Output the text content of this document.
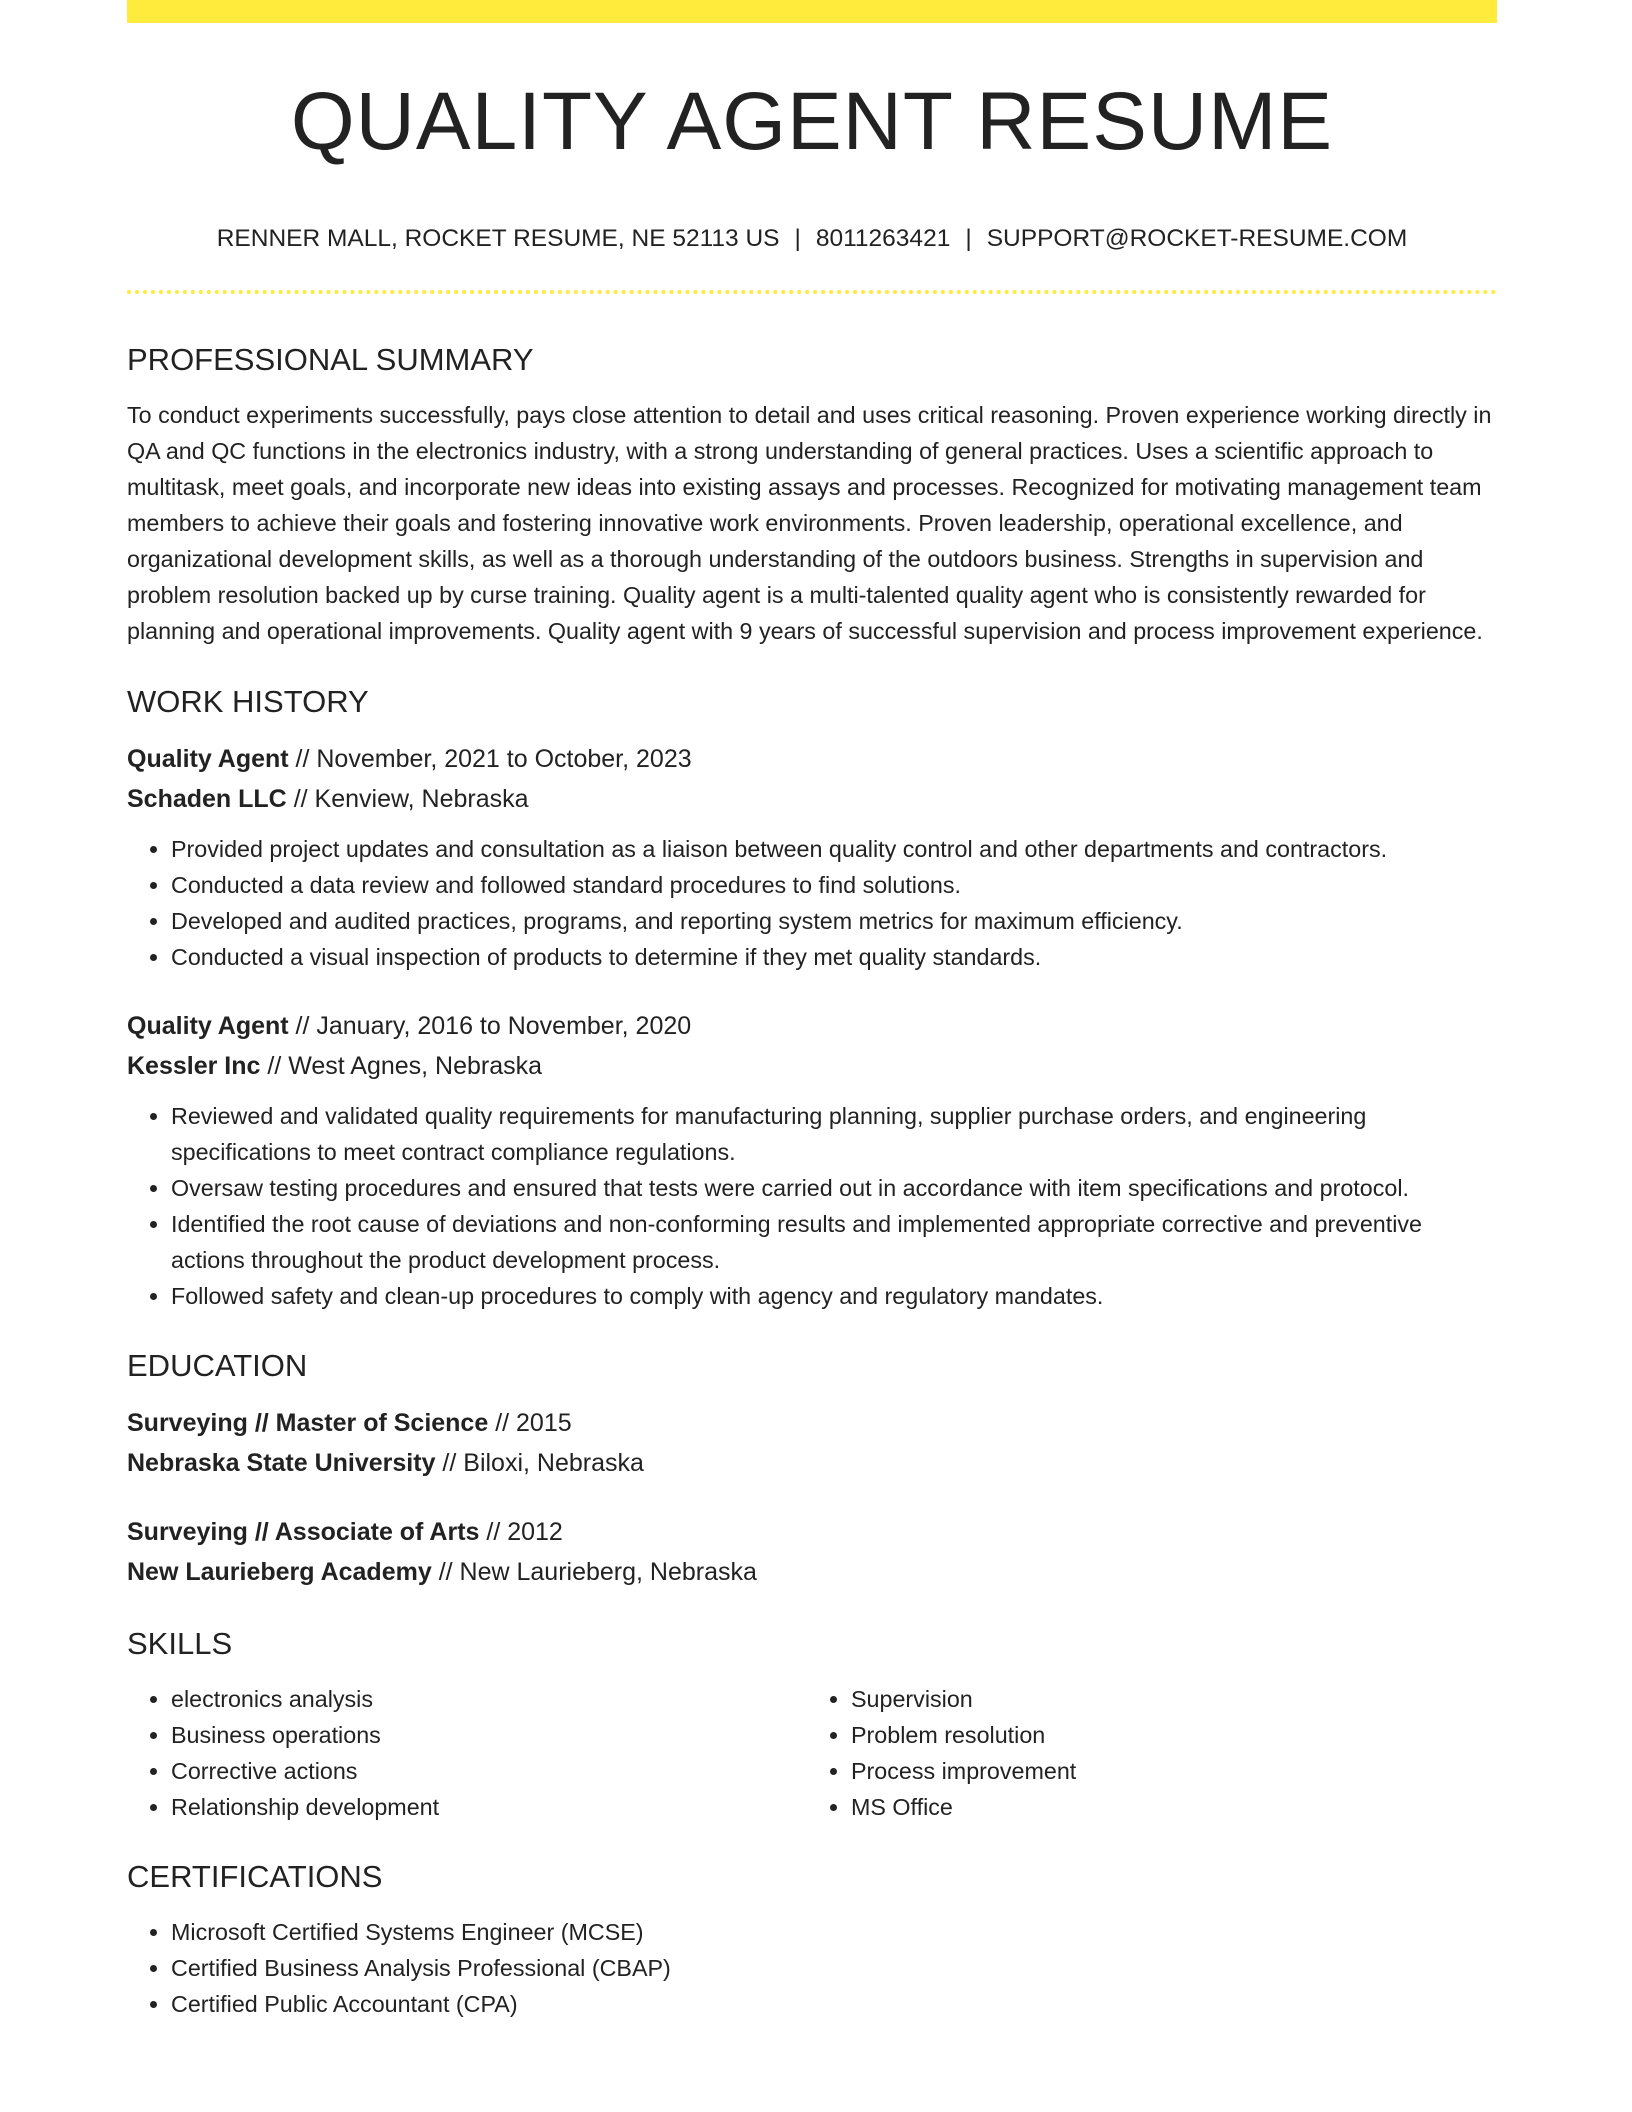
QUALITY AGENT RESUME
RENNER MALL, ROCKET RESUME, NE 52113 US | 8011263421 | SUPPORT@ROCKET-RESUME.COM
PROFESSIONAL SUMMARY

To conduct experiments successfully, pays close attention to detail and uses critical reasoning. Proven experience working directly in QA and QC functions in the electronics industry, with a strong understanding of general practices. Uses a scientific approach to multitask, meet goals, and incorporate new ideas into existing assays and processes. Recognized for motivating management team members to achieve their goals and fostering innovative work environments. Proven leadership, operational excellence, and organizational development skills, as well as a thorough understanding of the outdoors business. Strengths in supervision and problem resolution backed up by curse training. Quality agent is a multi-talented quality agent who is consistently rewarded for planning and operational improvements. Quality agent with 9 years of successful supervision and process improvement experience.

WORK HISTORY
Quality Agent // November, 2021 to October, 2023
Schaden LLC // Kenview, Nebraska
• Provided project updates and consultation as a liaison between quality control and other departments and contractors.
• Conducted a data review and followed standard procedures to find solutions.
• Developed and audited practices, programs, and reporting system metrics for maximum efficiency.
• Conducted a visual inspection of products to determine if they met quality standards.
Quality Agent // January, 2016 to November, 2020
Kessler Inc // West Agnes, Nebraska
• Reviewed and validated quality requirements for manufacturing planning, supplier purchase orders, and engineering specifications to meet contract compliance regulations.
• Oversaw testing procedures and ensured that tests were carried out in accordance with item specifications and protocol.
• Identified the root cause of deviations and non-conforming results and implemented appropriate corrective and preventive actions throughout the product development process.
• Followed safety and clean-up procedures to comply with agency and regulatory mandates.
EDUCATION
Surveying // Master of Science // 2015
Nebraska State University // Biloxi, Nebraska
Surveying // Associate of Arts // 2012
New Laurieberg Academy // New Laurieberg, Nebraska
SKILLS
• electronics analysis
• Business operations
• Corrective actions
• Relationship development
• Supervision
• Problem resolution
• Process improvement
• MS Office
CERTIFICATIONS
• Microsoft Certified Systems Engineer (MCSE)
• Certified Business Analysis Professional (CBAP)
• Certified Public Accountant (CPA)
